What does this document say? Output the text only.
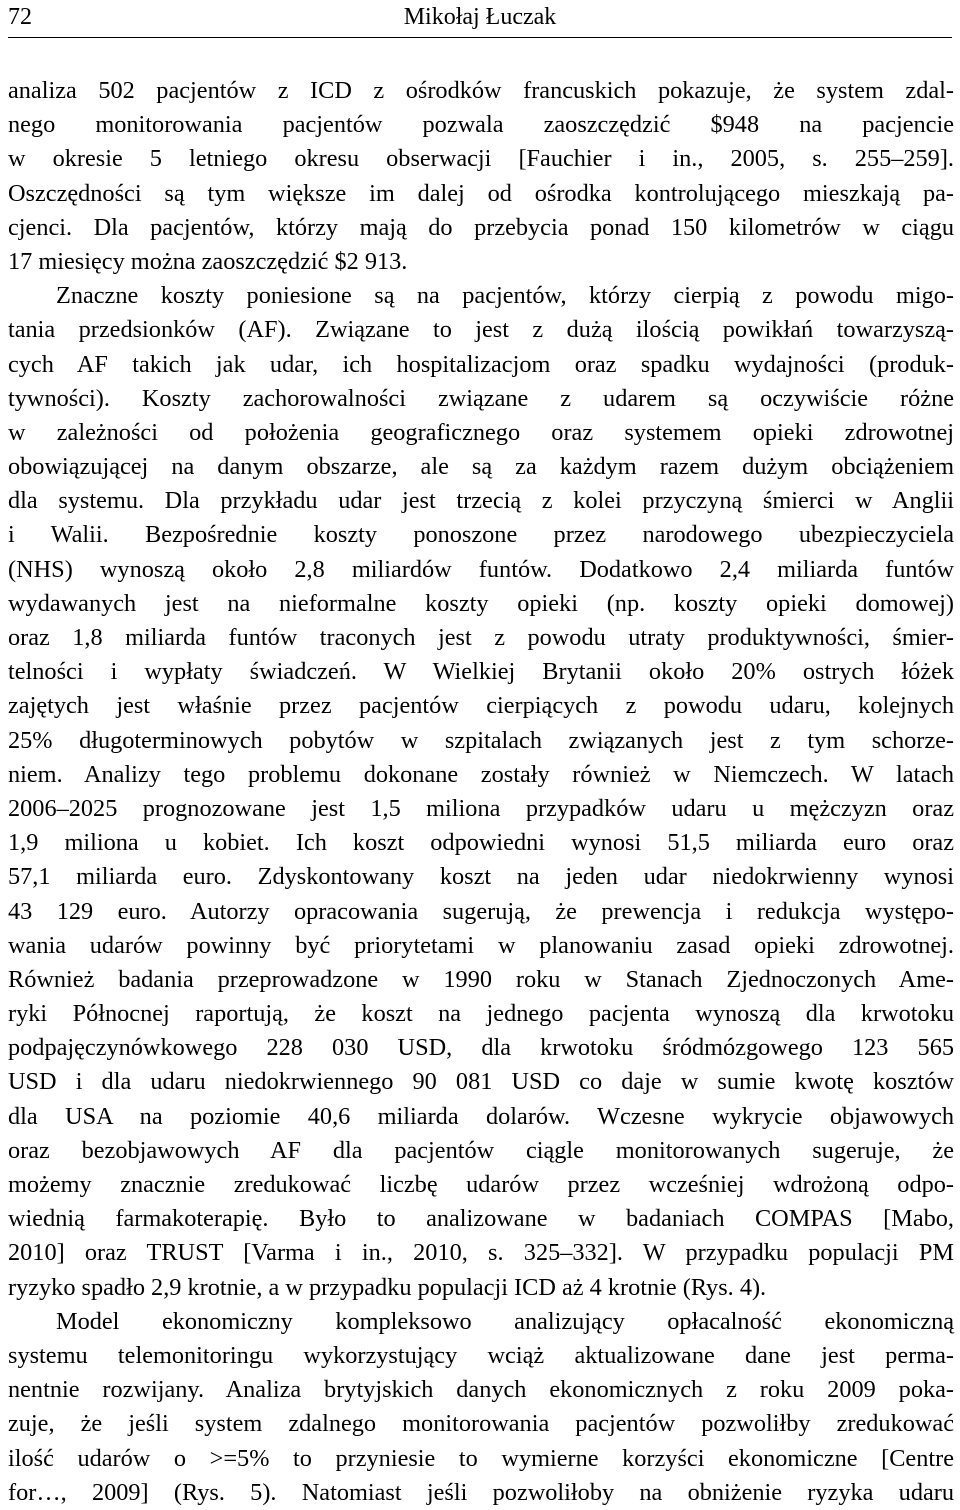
72	Mikołaj Łuczak
analiza 502 pacjentów z ICD z ośrodków francuskich pokazuje, że system zdal-
nego monitorowania pacjentów pozwala zaoszczędzić $948 na pacjencie
w okresie 5 letniego okresu obserwacji [Fauchier i in., 2005, s. 255–259].
Oszczędności są tym większe im dalej od ośrodka kontrolującego mieszkają pa-
cjenci. Dla pacjentów, którzy mają do przebycia ponad 150 kilometrów w ciągu
17 miesięcy można zaoszczędzić $2 913.
Znaczne koszty poniesione są na pacjentów, którzy cierpią z powodu migo-
tania przedsionków (AF). Związane to jest z dużą ilością powikłań towarzyszą-
cych AF takich jak udar, ich hospitalizacjom oraz spadku wydajności (produk-
tywności). Koszty zachorowalności związane z udarem są oczywiście różne
w zależności od położenia geograficznego oraz systemem opieki zdrowotnej
obowiązującej na danym obszarze, ale są za każdym razem dużym obciążeniem
dla systemu. Dla przykładu udar jest trzecią z kolei przyczyną śmierci w Anglii
i Walii. Bezpośrednie koszty ponoszone przez narodowego ubezpieczyciela
(NHS) wynoszą około 2,8 miliardów funtów. Dodatkowo 2,4 miliarda funtów
wydawanych jest na nieformalne koszty opieki (np. koszty opieki domowej)
oraz 1,8 miliarda funtów traconych jest z powodu utraty produktywności, śmier-
telności i wypłaty świadczeń. W Wielkiej Brytanii około 20% ostrych łóżek
zajętych jest właśnie przez pacjentów cierpiących z powodu udaru, kolejnych
25% długoterminowych pobytów w szpitalach związanych jest z tym schorze-
niem. Analizy tego problemu dokonane zostały również w Niemczech. W latach
2006–2025 prognozowane jest 1,5 miliona przypadków udaru u mężczyzn oraz
1,9 miliona u kobiet. Ich koszt odpowiedni wynosi 51,5 miliarda euro oraz
57,1 miliarda euro. Zdyskontowany koszt na jeden udar niedokrwienny wynosi
43 129 euro. Autorzy opracowania sugerują, że prewencja i redukcja występo-
wania udarów powinny być priorytetami w planowaniu zasad opieki zdrowotnej.
Również badania przeprowadzone w 1990 roku w Stanach Zjednoczonych Ame-
ryki Północnej raportują, że koszt na jednego pacjenta wynoszą dla krwotoku
podpajęczynówkowego 228 030 USD, dla krwotoku śródmózgowego 123 565
USD i dla udaru niedokrwiennego 90 081 USD co daje w sumie kwotę kosztów
dla USA na poziomie 40,6 miliarda dolarów. Wczesne wykrycie objawowych
oraz bezobjawowych AF dla pacjentów ciągle monitorowanych sugeruje, że
możemy znacznie zredukować liczbę udarów przez wcześniej wdrożoną odpo-
wiednią farmakoterapię. Było to analizowane w badaniach COMPAS [Mabo,
2010] oraz TRUST [Varma i in., 2010, s. 325–332]. W przypadku populacji PM
ryzyko spadło 2,9 krotnie, a w przypadku populacji ICD aż 4 krotnie (Rys. 4).
Model ekonomiczny kompleksowo analizujący opłacalność ekonomiczną
systemu telemonitoringu wykorzystujący wciąż aktualizowane dane jest perma-
nentnie rozwijany. Analiza brytyjskich danych ekonomicznych z roku 2009 poka-
zuje, że jeśli system zdalnego monitorowania pacjentów pozwoliłby zredukować
ilość udarów o >=5% to przyniesie to wymierne korzyści ekonomiczne [Centre
for…, 2009] (Rys. 5). Natomiast jeśli pozwoliłoby na obniżenie ryzyka udaru
